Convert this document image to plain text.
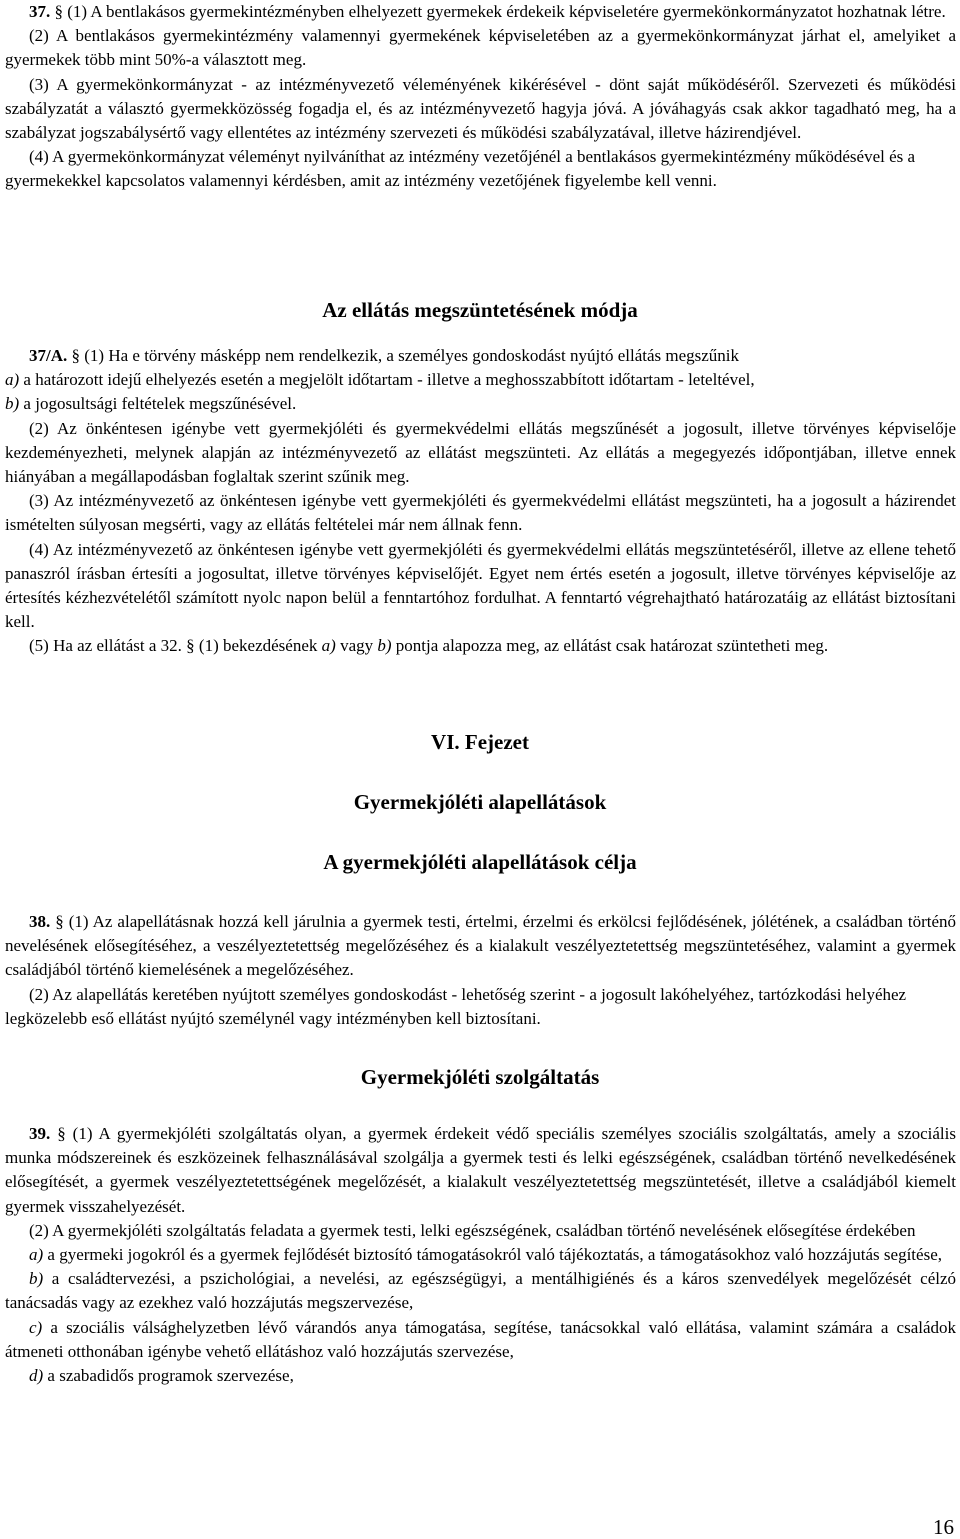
37. § (1) A bentlakásos gyermekintézményben elhelyezett gyermekek érdekeik képviseletére gyermekönkormányzatot hozhatnak létre.

(2) A bentlakásos gyermekintézmény valamennyi gyermekének képviseletében az a gyermekönkormányzat járhat el, amelyiket a gyermekek több mint 50%-a választott meg.

(3) A gyermekönkormányzat - az intézményvezető véleményének kikérésével - dönt saját működéséről. Szervezeti és működési szabályzatát a választó gyermekközösség fogadja el, és az intézményvezető hagyja jóvá. A jóváhagyás csak akkor tagadható meg, ha a szabályzat jogszabálysértő vagy ellentétes az intézmény szervezeti és működési szabályzatával, illetve házirendjével.

(4) A gyermekönkormányzat véleményt nyilváníthat az intézmény vezetőjénél a bentlakásos gyermekintézmény működésével és a gyermekekkel kapcsolatos valamennyi kérdésben, amit az intézmény vezetőjének figyelembe kell venni.

Az ellátás megszüntetésének módja

37/A. § (1) Ha e törvény másképp nem rendelkezik, a személyes gondoskodást nyújtó ellátás megszűnik

a) a határozott idejű elhelyezés esetén a megjelölt időtartam - illetve a meghosszabbított időtartam - leteltével,

b) a jogosultsági feltételek megszűnésével.

(2) Az önkéntesen igénybe vett gyermekjóléti és gyermekvédelmi ellátás megszűnését a jogosult, illetve törvényes képviselője kezdeményezheti, melynek alapján az intézményvezető az ellátást megszünteti. Az ellátás a megegyezés időpontjában, illetve ennek hiányában a megállapodásban foglaltak szerint szűnik meg.

(3) Az intézményvezető az önkéntesen igénybe vett gyermekjóléti és gyermekvédelmi ellátást megszünteti, ha a jogosult a házirendet ismételten súlyosan megsérti, vagy az ellátás feltételei már nem állnak fenn.

(4) Az intézményvezető az önkéntesen igénybe vett gyermekjóléti és gyermekvédelmi ellátás megszüntetéséről, illetve az ellene tehető panaszról írásban értesíti a jogosultat, illetve törvényes képviselőjét. Egyet nem értés esetén a jogosult, illetve törvényes képviselője az értesítés kézhezvételétől számított nyolc napon belül a fenntartóhoz fordulhat. A fenntartó végrehajtható határozatáig az ellátást biztosítani kell.

(5) Ha az ellátást a 32. § (1) bekezdésének a) vagy b) pontja alapozza meg, az ellátást csak határozat szüntetheti meg.

VI. Fejezet
Gyermekjóléti alapellátások
A gyermekjóléti alapellátások célja

38. § (1) Az alapellátásnak hozzá kell járulnia a gyermek testi, értelmi, érzelmi és erkölcsi fejlődésének, jólétének, a családban történő nevelésének elősegítéséhez, a veszélyeztetettség megelőzéséhez és a kialakult veszélyeztetettség megszüntetéséhez, valamint a gyermek családjából történő kiemelésének a megelőzéséhez.

(2) Az alapellátás keretében nyújtott személyes gondoskodást - lehetőség szerint - a jogosult lakóhelyéhez, tartózkodási helyéhez legközelebb eső ellátást nyújtó személynél vagy intézményben kell biztosítani.

Gyermekjóléti szolgáltatás

39. § (1) A gyermekjóléti szolgáltatás olyan, a gyermek érdekeit védő speciális személyes szociális szolgáltatás, amely a szociális munka módszereinek és eszközeinek felhasználásával szolgálja a gyermek testi és lelki egészségének, családban történő nevelkedésének elősegítését, a gyermek veszélyeztetettségének megelőzését, a kialakult veszélyeztetettség megszüntetését, illetve a családjából kiemelt gyermek visszahelyezését.

(2) A gyermekjóléti szolgáltatás feladata a gyermek testi, lelki egészségének, családban történő nevelésének elősegítése érdekében

a) a gyermeki jogokról és a gyermek fejlődését biztosító támogatásokról való tájékoztatás, a támogatásokhoz való hozzájutás segítése,

b) a családtervezési, a pszichológiai, a nevelési, az egészségügyi, a mentálhigiénés és a káros szenvedélyek megelőzését célzó tanácsadás vagy az ezekhez való hozzájutás megszervezése,

c) a szociális válsághelyzetben lévő várandós anya támogatása, segítése, tanácsokkal való ellátása, valamint számára a családok átmeneti otthonában igénybe vehető ellátáshoz való hozzájutás szervezése,

d) a szabadidős programok szervezése,

16
